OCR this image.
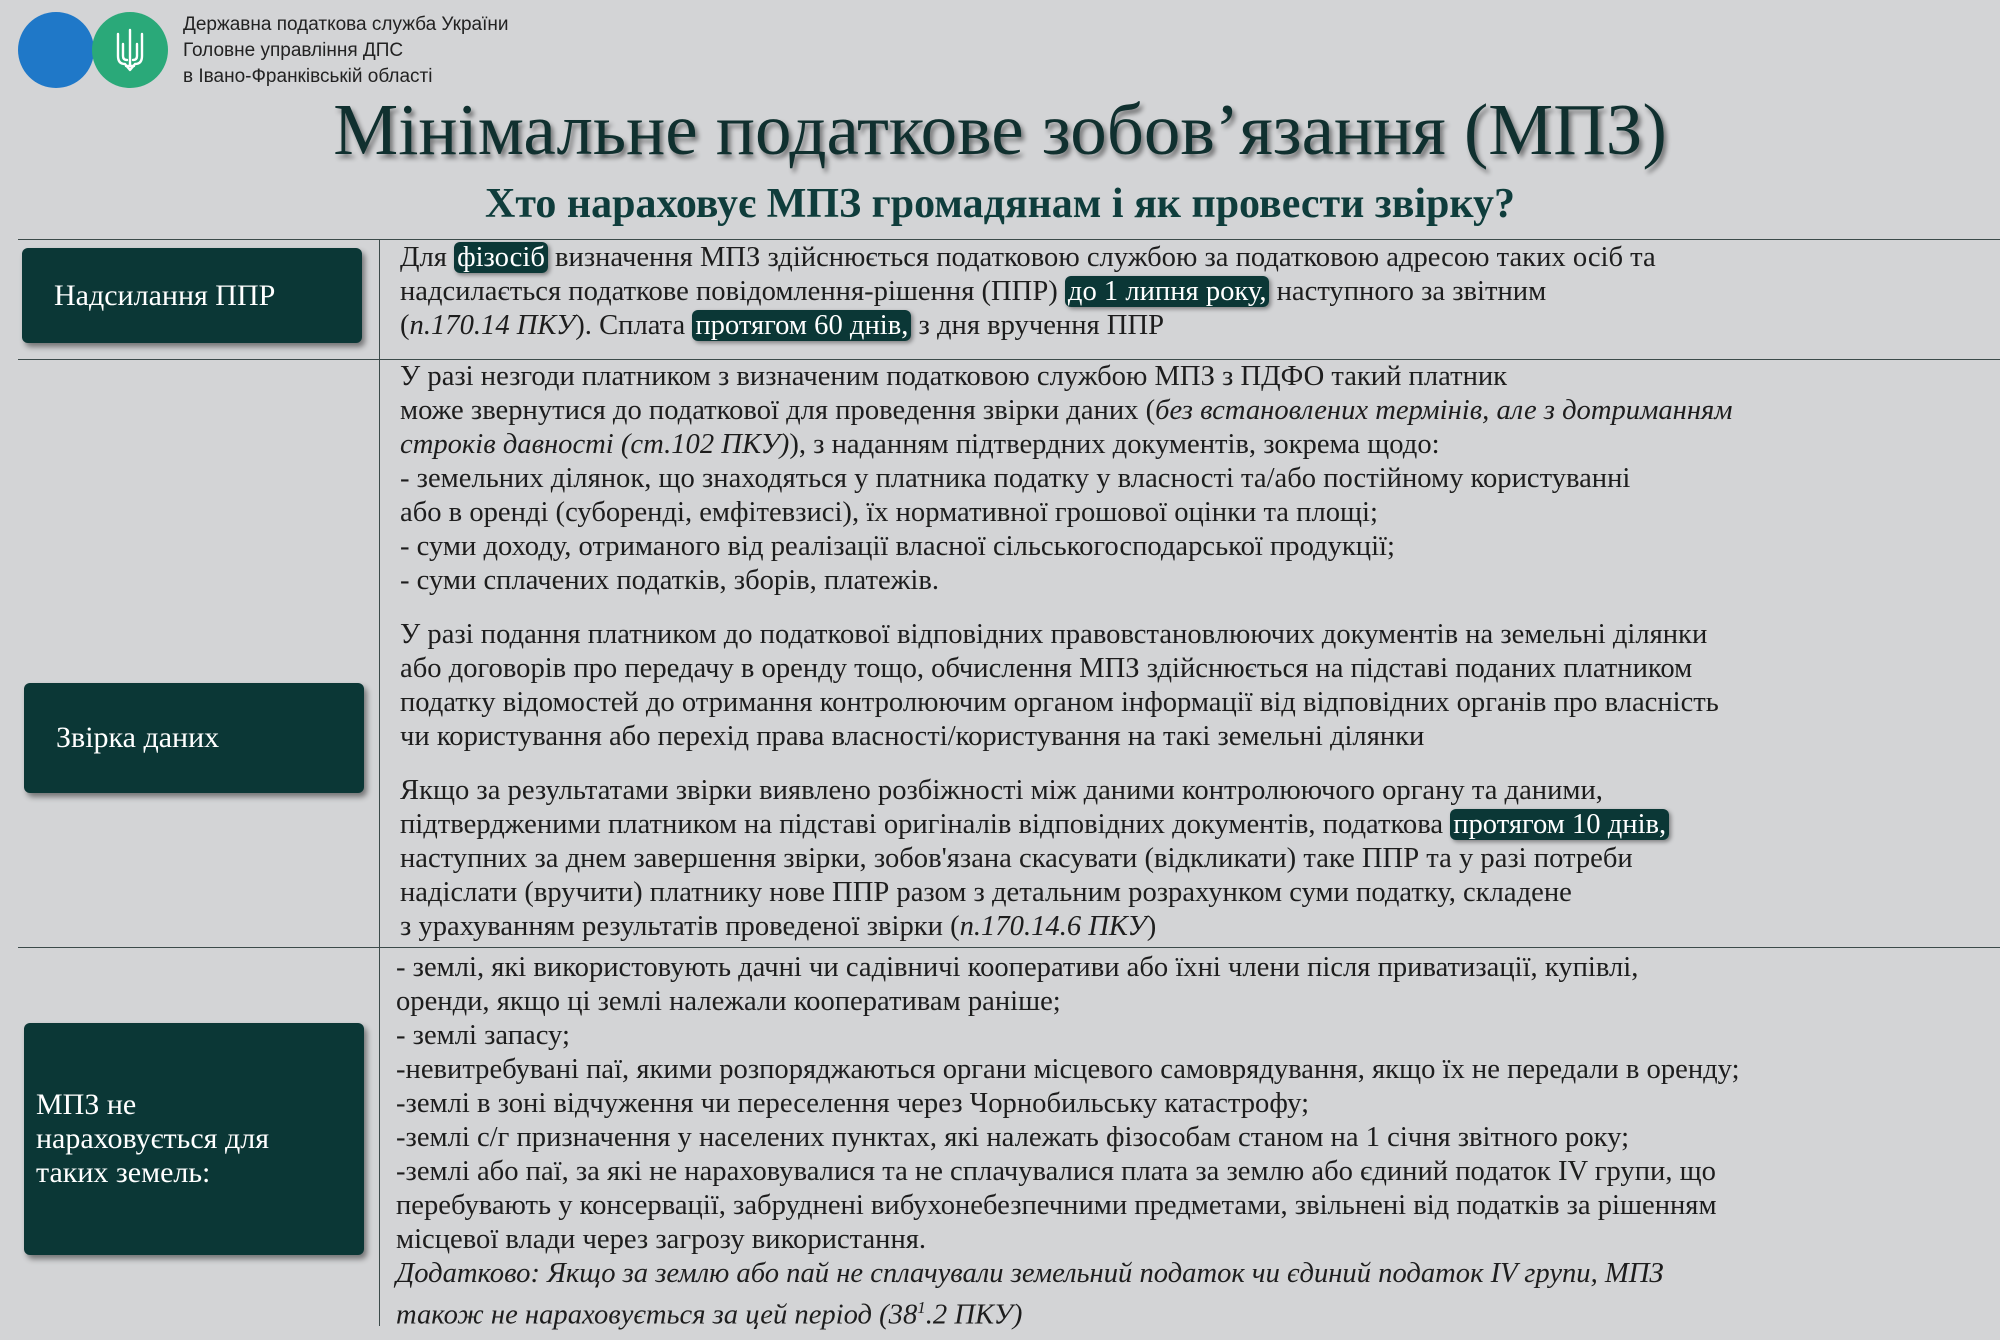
Державна податкова служба України
Головне управління ДПС
в Івано-Франківській області
Мінімальне податкове зобов’язання (МПЗ)
Хто нараховує МПЗ громадянам і як провести звірку?
Надсилання ППР
Для фізосіб визначення МПЗ здійснюється податковою службою за податковою адресою таких осіб та
надсилається податкове повідомлення-рішення (ППР) до 1 липня року, наступного за звітним
(п.170.14 ПКУ). Сплата протягом 60 днів, з дня вручення ППР
Звірка даних
У разі незгоди платником з визначеним податковою службою МПЗ з ПДФО такий платник
може звернутися до податкової для проведення звірки даних (без встановлених термінів, але з дотриманням
строків давності (ст.102 ПКУ)), з наданням підтвердних документів, зокрема щодо:
- земельних ділянок, що знаходяться у платника податку у власності та/або постійному користуванні
або в оренді (суборенді, емфітевзисі), їх нормативної грошової оцінки та площі;
- суми доходу, отриманого від реалізації власної сільськогосподарської продукції;
- суми сплачених податків, зборів, платежів.
У разі подання платником до податкової відповідних правовстановлюючих документів на земельні ділянки
або договорів про передачу в оренду тощо, обчислення МПЗ здійснюється на підставі поданих платником
податку відомостей до отримання контролюючим органом інформації від відповідних органів про власність
чи користування або перехід права власності/користування на такі земельні ділянки
Якщо за результатами звірки виявлено розбіжності між даними контролюючого органу та даними,
підтвердженими платником на підставі оригіналів відповідних документів, податкова протягом 10 днів,
наступних за днем завершення звірки, зобов'язана скасувати (відкликати) таке ППР та у разі потреби
надіслати (вручити) платнику нове ППР разом з детальним розрахунком суми податку, складене
з урахуванням результатів проведеної звірки (п.170.14.6 ПКУ)
МПЗ не
нараховується для
таких земель:
- землі, які використовують дачні чи садівничі кооперативи або їхні члени після приватизації, купівлі,
оренди, якщо ці землі належали кооперативам раніше;
- землі запасу;
-невитребувані паї, якими розпоряджаються органи місцевого самоврядування, якщо їх не передали в оренду;
-землі в зоні відчуження чи переселення через Чорнобильську катастрофу;
-землі с/г призначення у населених пунктах, які належать фізособам станом на 1 січня звітного року;
-землі або паї, за які не нараховувалися та не сплачувалися плата за землю або єдиний податок IV групи, що
перебувають у консервації, забруднені вибухонебезпечними предметами, звільнені від податків за рішенням
місцевої влади через загрозу використання.
Додатково: Якщо за землю або пай не сплачували земельний податок чи єдиний податок IV групи, МПЗ
також не нараховується за цей період ($38^1.2$ ПКУ)
